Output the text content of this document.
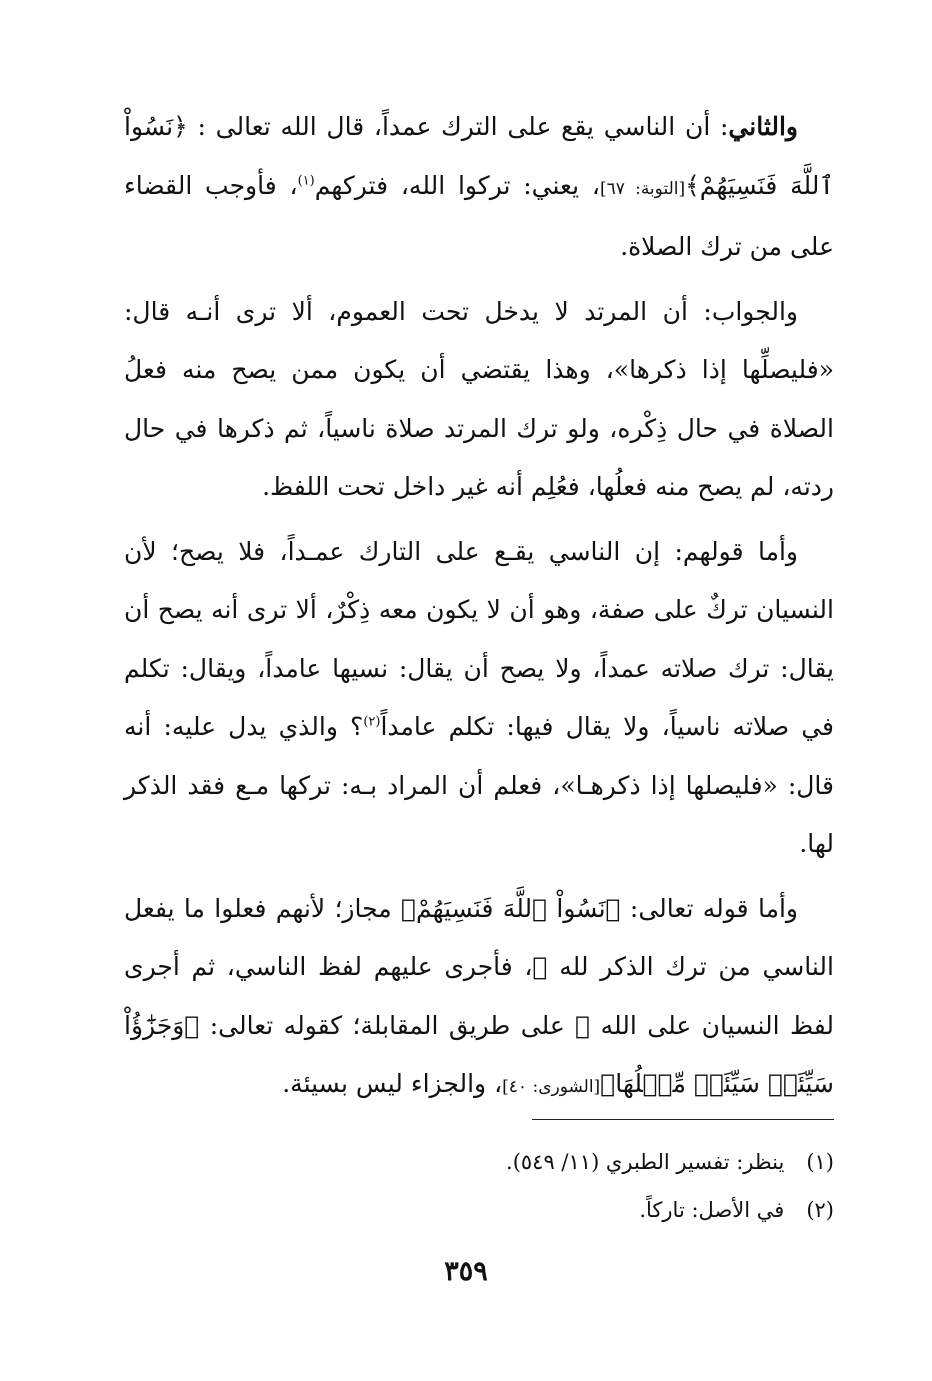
والثاني: أن الناسي يقع على الترك عمداً، قال الله تعالى : ﴿نَسُواْ ٱللَّهَ فَنَسِيَهُمْ﴾[التوبة: ٦٧]، يعني: تركوا الله، فتركهم$^{(١)}$، فأوجب القضاء على من ترك الصلاة.

والجواب: أن المرتد لا يدخل تحت العموم، ألا ترى أنـه قال: «فليصلِّها إذا ذكرها»، وهذا يقتضي أن يكون ممن يصح منه فعلُ الصلاة في حال ذِكْره، ولو ترك المرتد صلاة ناسياً، ثم ذكرها في حال ردته، لم يصح منه فعلُها، فعُلِم أنه غير داخل تحت اللفظ.

وأما قولهم: إن الناسي يقـع على التارك عمـداً، فلا يصح؛ لأن النسيان تركٌ على صفة، وهو أن لا يكون معه ذِكْرٌ، ألا ترى أنه يصح أن يقال: ترك صلاته عمداً، ولا يصح أن يقال: نسيها عامداً، ويقال: تكلم في صلاته ناسياً، ولا يقال فيها: تكلم عامداً$^{(٢)}$؟ والذي يدل عليه: أنه قال: «فليصلها إذا ذكرهـا»، فعلم أن المراد بـه: تركها مـع فقد الذكر لها.

وأما قوله تعالى: ﴿نَسُواْ ٱللَّهَ فَنَسِيَهُمْ﴾ مجاز؛ لأنهم فعلوا ما يفعل الناسي من ترك الذكر لله ﷻ، فأجرى عليهم لفظ الناسي، ثم أجرى لفظ النسيان على الله ﷻ على طريق المقابلة؛ كقوله تعالى: ﴿وَجَزَٰٓؤُاْ سَيِّئَةٖ سَيِّئَةٞ مِّثۡلُهَا﴾[الشورى: ٤٠]، والجزاء ليس بسيئة.

(١)ينظر: تفسير الطبري (١١/ ٥٤٩).
(٢)في الأصل: تاركاً.
٣٥٩
